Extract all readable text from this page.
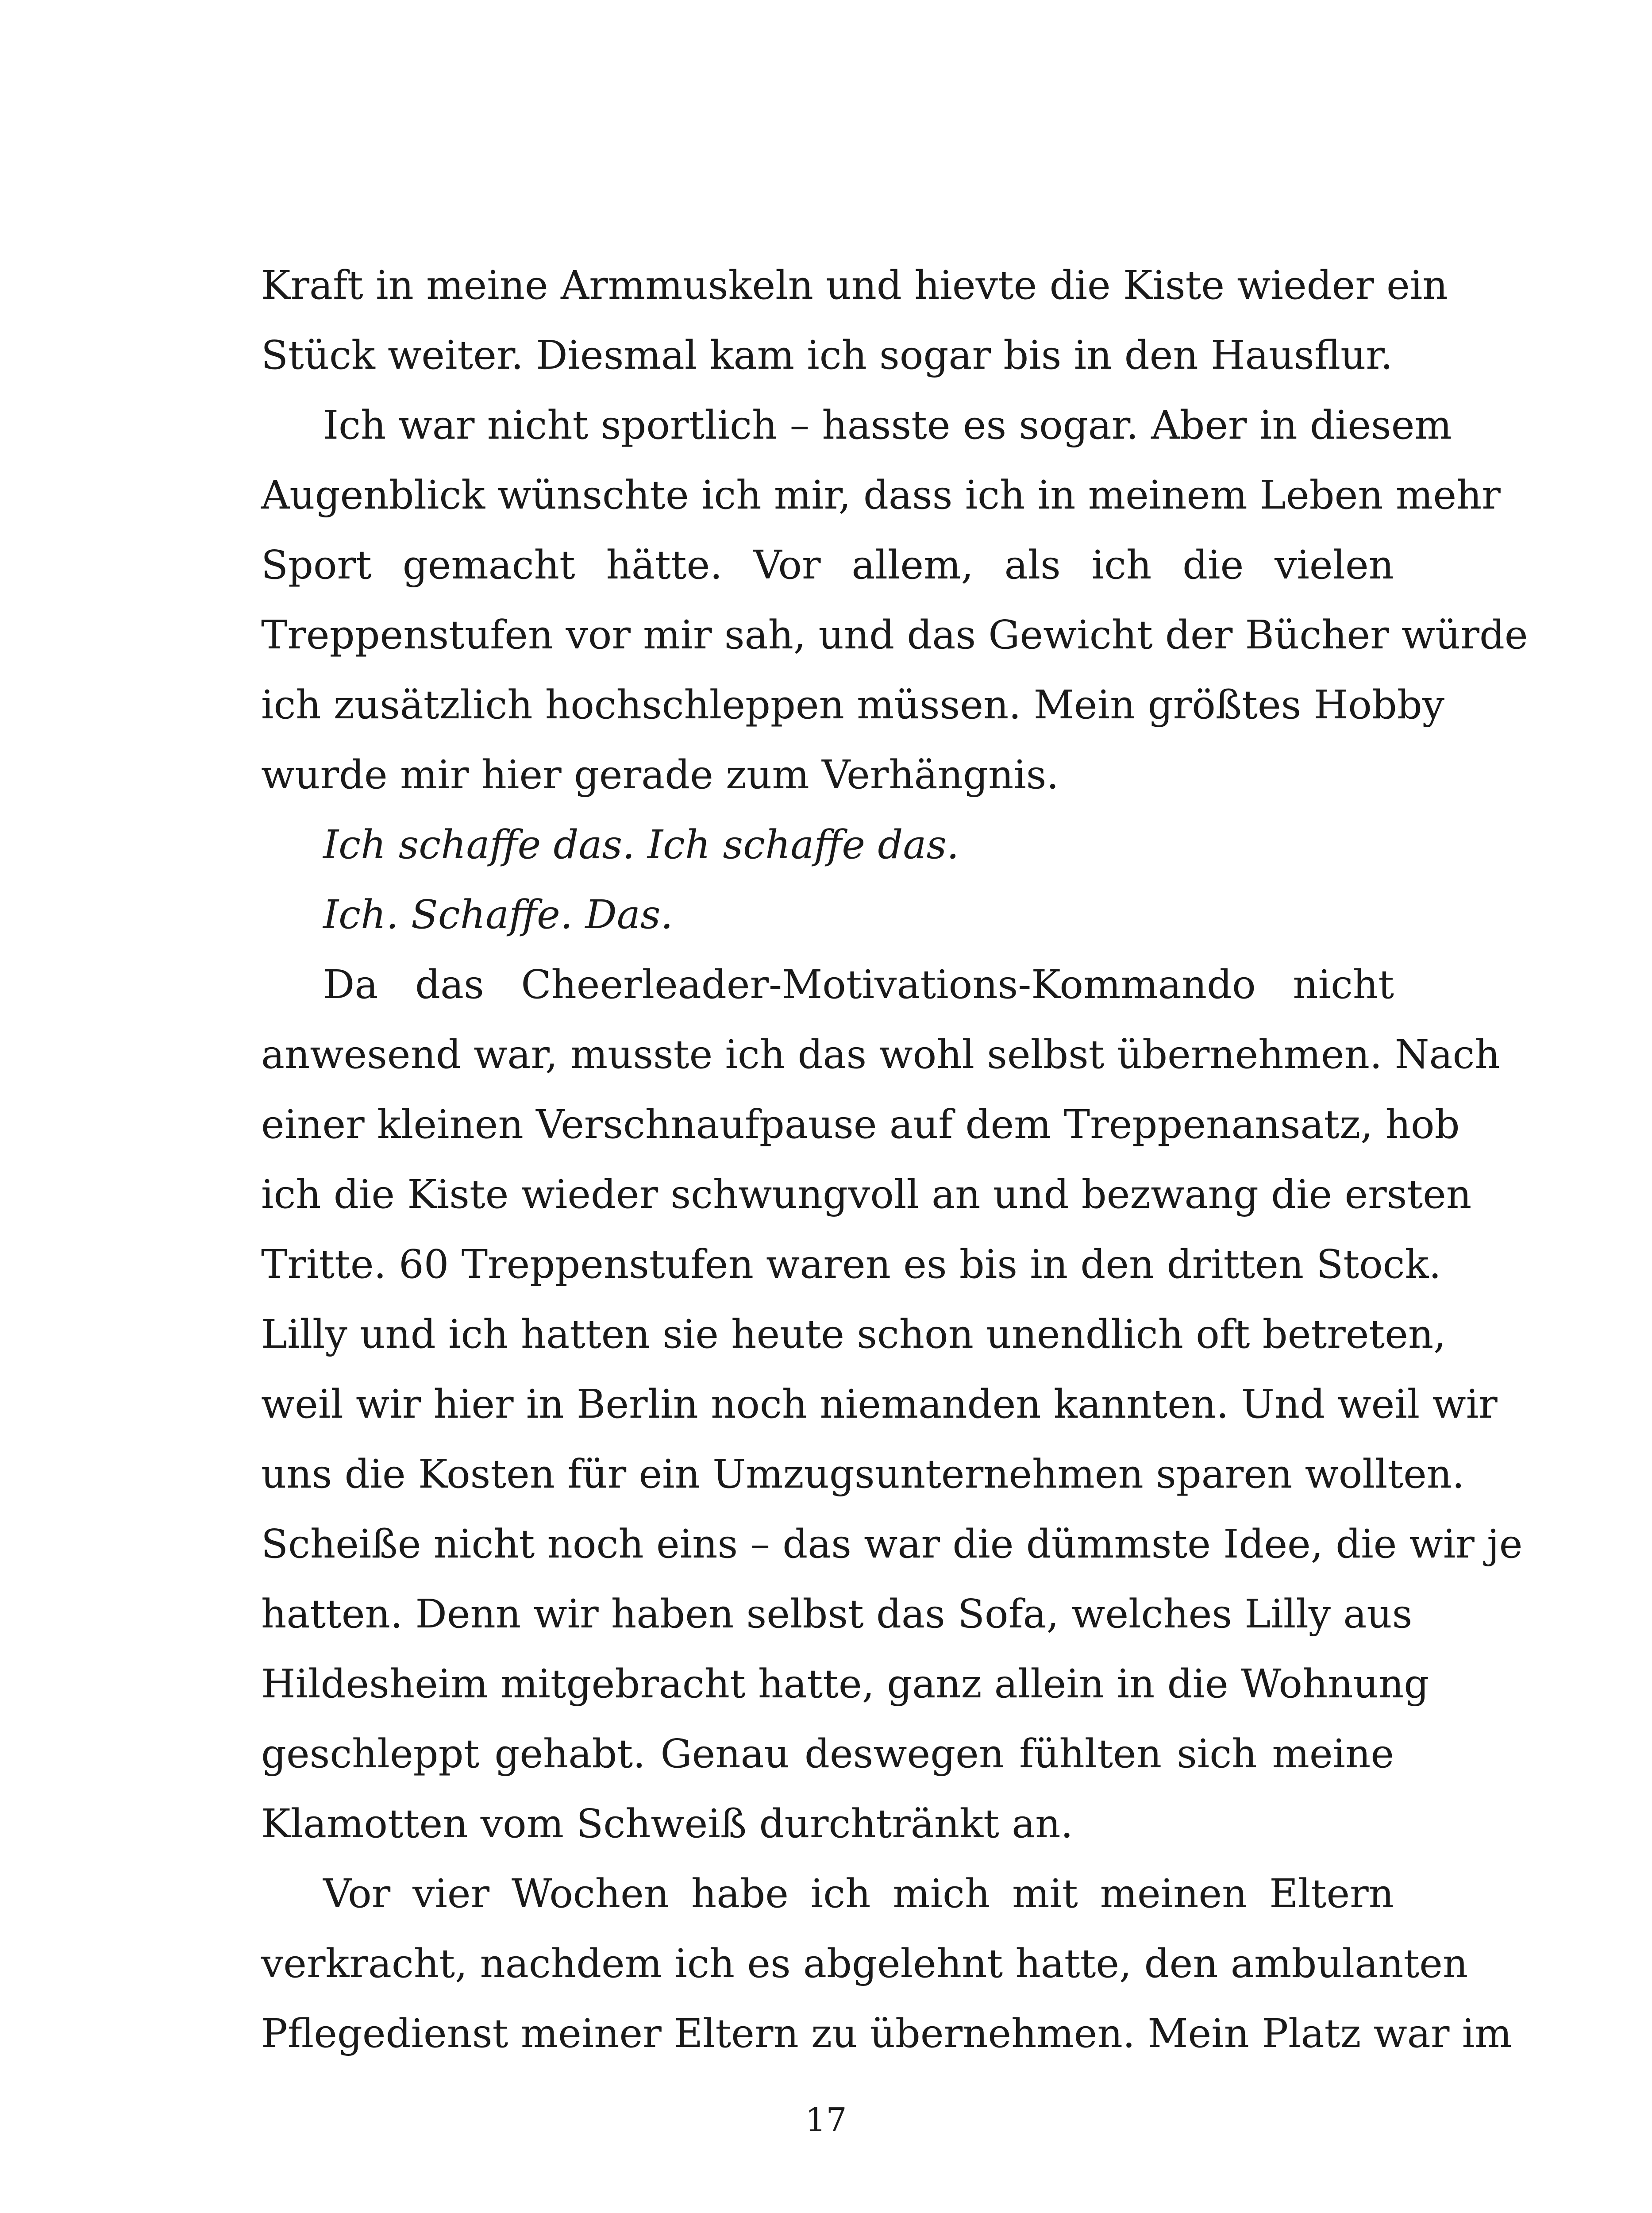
Kraft in meine Armmuskeln und hievte die Kiste wieder ein
Stück weiter. Diesmal kam ich sogar bis in den Hausflur.
Ich war nicht sportlich – hasste es sogar. Aber in diesem
Augenblick wünschte ich mir, dass ich in meinem Leben mehr
Sport gemacht hätte. Vor allem, als ich die vielen
Treppenstufen vor mir sah, und das Gewicht der Bücher würde
ich zusätzlich hochschleppen müssen. Mein größtes Hobby
wurde mir hier gerade zum Verhängnis.
Ich schaffe das. Ich schaffe das.
Ich. Schaffe. Das.
Da das Cheerleader-Motivations-Kommando nicht
anwesend war, musste ich das wohl selbst übernehmen. Nach
einer kleinen Verschnaufpause auf dem Treppenansatz, hob
ich die Kiste wieder schwungvoll an und bezwang die ersten
Tritte. 60 Treppenstufen waren es bis in den dritten Stock.
Lilly und ich hatten sie heute schon unendlich oft betreten,
weil wir hier in Berlin noch niemanden kannten. Und weil wir
uns die Kosten für ein Umzugsunternehmen sparen wollten.
Scheiße nicht noch eins – das war die dümmste Idee, die wir je
hatten. Denn wir haben selbst das Sofa, welches Lilly aus
Hildesheim mitgebracht hatte, ganz allein in die Wohnung
geschleppt gehabt. Genau deswegen fühlten sich meine
Klamotten vom Schweiß durchtränkt an.
Vor vier Wochen habe ich mich mit meinen Eltern
verkracht, nachdem ich es abgelehnt hatte, den ambulanten
Pflegedienst meiner Eltern zu übernehmen. Mein Platz war im
17
